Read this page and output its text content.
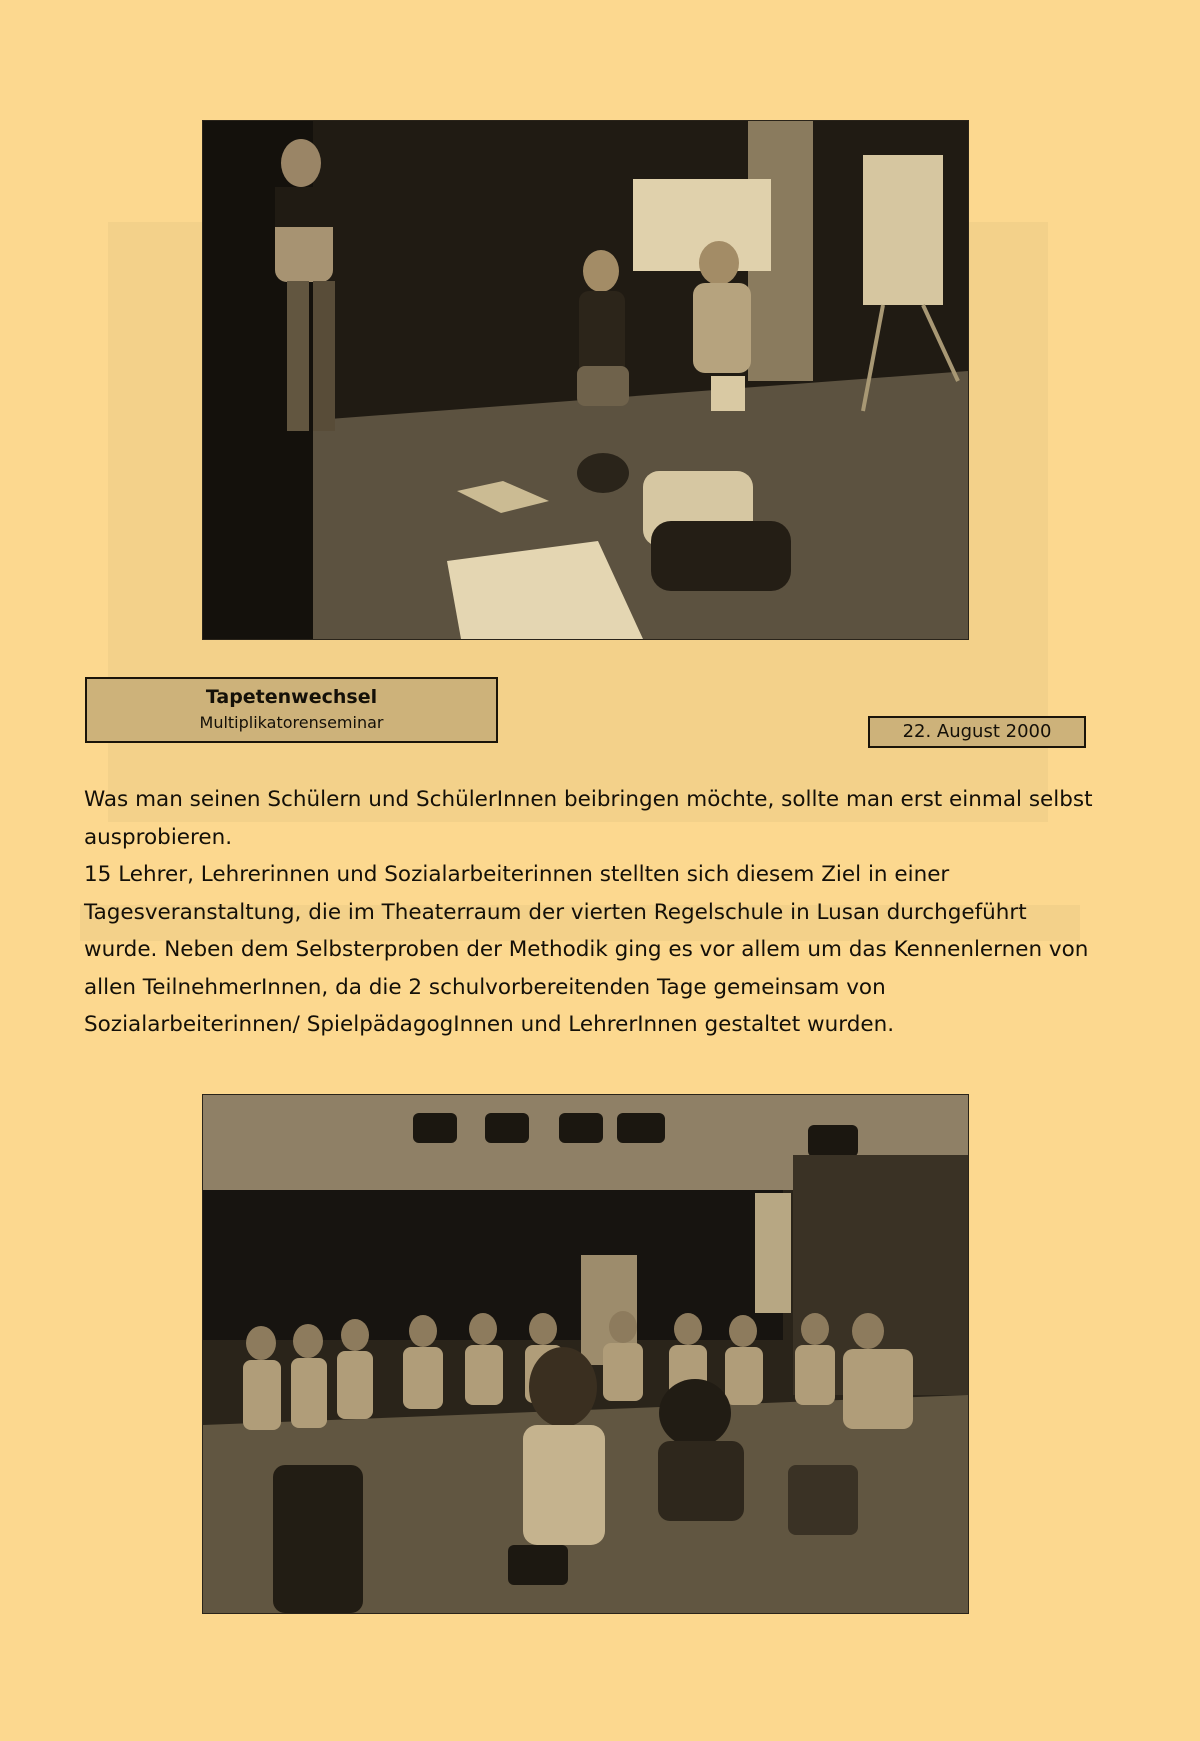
Tapetenwechsel
Multiplikatorenseminar	22. August 2000

Was man seinen Schülern und SchülerInnen beibringen möchte, sollte man erst einmal selbst ausprobieren.

15 Lehrer, Lehrerinnen und Sozialarbeiterinnen stellten sich diesem Ziel in einer Tagesveranstaltung, die im Theaterraum der vierten Regelschule in Lusan durchgeführt wurde. Neben dem Selbsterproben der Methodik ging es vor allem um das Kennenlernen von allen TeilnehmerInnen, da die 2 schulvorbereitenden Tage gemeinsam von Sozialarbeiterinnen/ SpielpädagogInnen und LehrerInnen gestaltet wurden.
